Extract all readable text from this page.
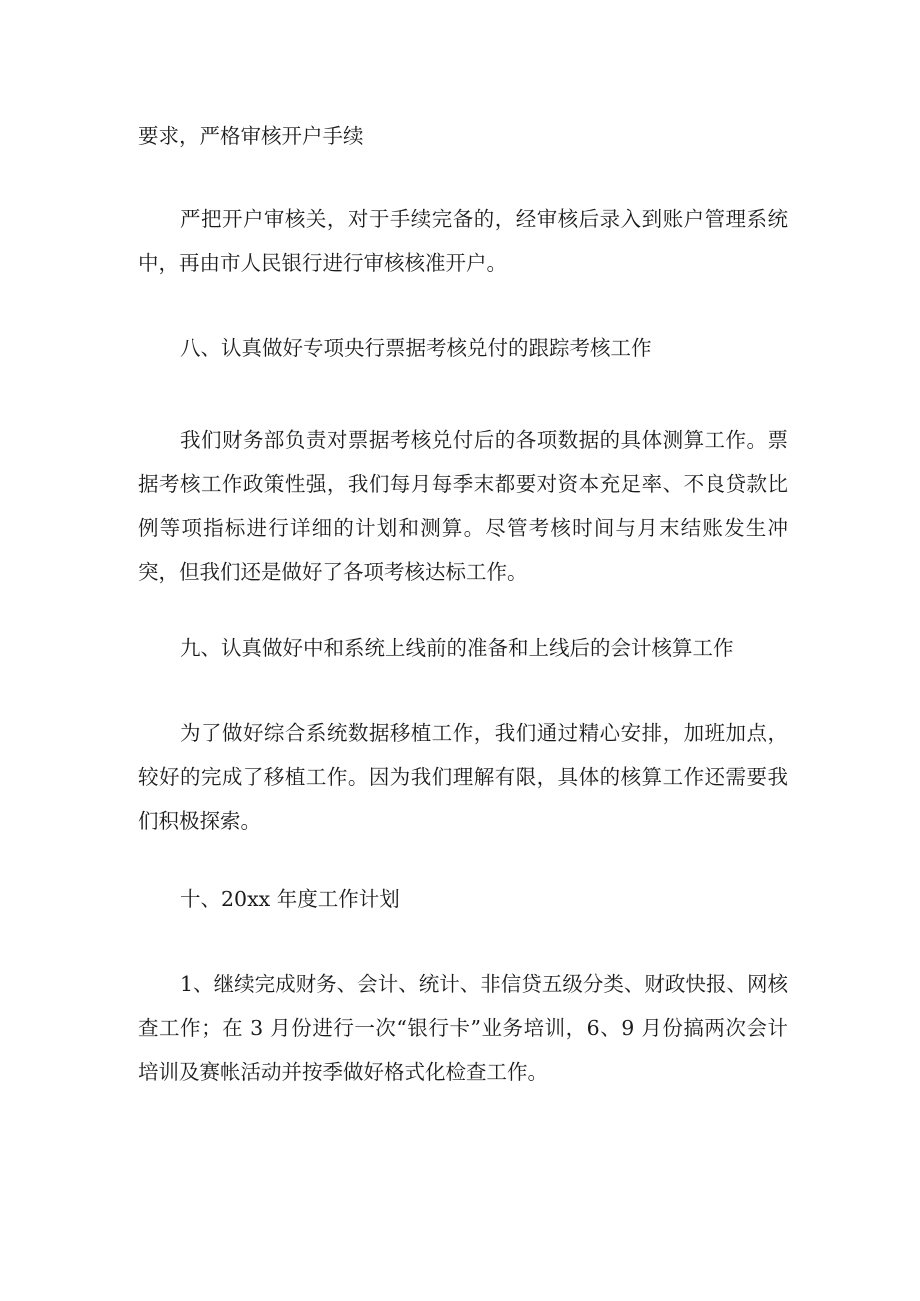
要求，严格审核开户手续

严把开户审核关，对于手续完备的，经审核后录入到账户管理系统中，再由市人民银行进行审核核准开户。

八、认真做好专项央行票据考核兑付的跟踪考核工作

我们财务部负责对票据考核兑付后的各项数据的具体测算工作。票据考核工作政策性强，我们每月每季末都要对资本充足率、不良贷款比例等项指标进行详细的计划和测算。尽管考核时间与月末结账发生冲突，但我们还是做好了各项考核达标工作。

九、认真做好中和系统上线前的准备和上线后的会计核算工作

为了做好综合系统数据移植工作，我们通过精心安排，加班加点，较好的完成了移植工作。因为我们理解有限，具体的核算工作还需要我们积极探索。

十、20xx 年度工作计划

1、继续完成财务、会计、统计、非信贷五级分类、财政快报、网核查工作；在 3 月份进行一次“银行卡”业务培训，6、9 月份搞两次会计培训及赛帐活动并按季做好格式化检查工作。
